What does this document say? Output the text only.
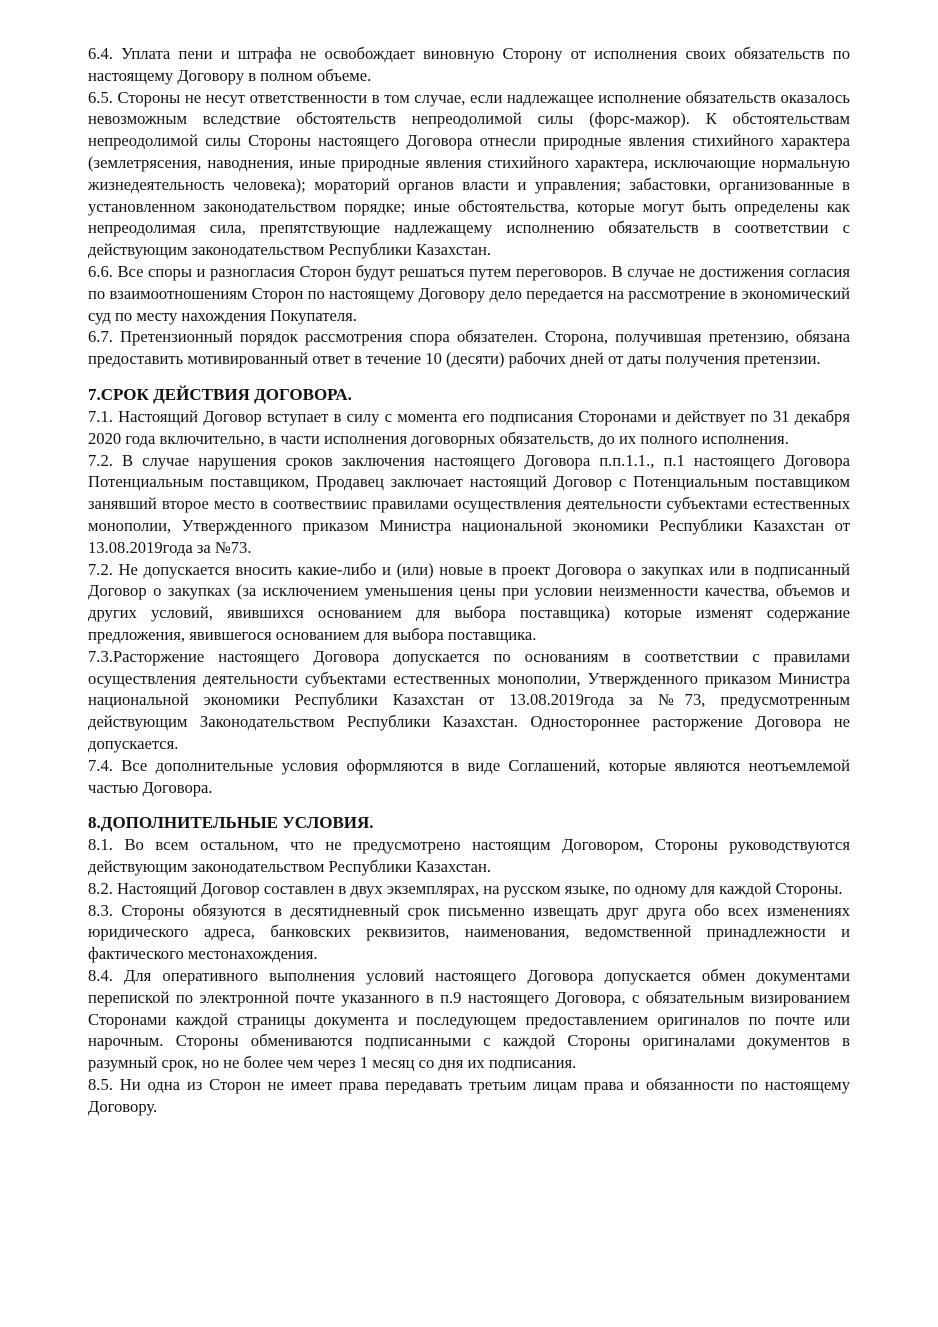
6.4. Уплата пени и штрафа не освобождает виновную Сторону от исполнения своих обязательств по настоящему Договору в полном объеме.

6.5. Стороны не несут ответственности в том случае, если надлежащее исполнение обязательств оказалось невозможным вследствие обстоятельств непреодолимой силы (форс-мажор). К обстоятельствам непреодолимой силы Стороны настоящего Договора отнесли природные явления стихийного характера (землетрясения, наводнения, иные природные явления стихийного характера, исключающие нормальную жизнедеятельность человека); мораторий органов власти и управления; забастовки, организованные в установленном законодательством порядке; иные обстоятельства, которые могут быть определены как непреодолимая сила, препятствующие надлежащему исполнению обязательств в соответствии с действующим законодательством Республики Казахстан.

6.6. Все споры и разногласия Сторон будут решаться путем переговоров. В случае не достижения согласия по взаимоотношениям Сторон по настоящему Договору дело передается на рассмотрение в экономический суд по месту нахождения Покупателя.

6.7. Претензионный порядок рассмотрения спора обязателен. Сторона, получившая претензию, обязана предоставить мотивированный ответ в течение 10 (десяти) рабочих дней от даты получения претензии.

7.СРОК ДЕЙСТВИЯ ДОГОВОРА.

7.1. Настоящий Договор вступает в силу с момента его подписания Сторонами и действует по 31 декабря 2020 года включительно, в части исполнения договорных обязательств, до их полного исполнения.

7.2. В случае нарушения сроков заключения настоящего Договора п.п.1.1., п.1 настоящего Договора Потенциальным поставщиком, Продавец заключает настоящий Договор с Потенциальным поставщиком занявший второе место в соотвествиис правилами осуществления деятельности субъектами естественных монополии, Утвержденного приказом Министра национальной экономики Республики Казахстан от 13.08.2019года за №73.

7.2. Не допускается вносить какие-либо и (или) новые в проект Договора о закупках или в подписанный Договор о закупках (за исключением уменьшения цены при условии неизменности качества, объемов и других условий, явившихся основанием для выбора поставщика) которые изменят содержание предложения, явившегося основанием для выбора поставщика.

7.3.Расторжение настоящего Договора допускается по основаниям в соответствии с правилами осуществления деятельности субъектами естественных монополии, Утвержденного приказом Министра национальной экономики Республики Казахстан от 13.08.2019года за №73, предусмотренным действующим Законодательством Республики Казахстан. Одностороннее расторжение Договора не допускается.

7.4. Все дополнительные условия оформляются в виде Соглашений, которые являются неотъемлемой частью Договора.

8.ДОПОЛНИТЕЛЬНЫЕ УСЛОВИЯ.

8.1. Во всем остальном, что не предусмотрено настоящим Договором, Стороны руководствуются действующим законодательством Республики Казахстан.

8.2. Настоящий Договор составлен в двух экземплярах, на русском языке, по одному для каждой Стороны.

8.3. Стороны обязуются в десятидневный срок письменно извещать друг друга обо всех изменениях юридического адреса, банковских реквизитов, наименования, ведомственной принадлежности и фактического местонахождения.

8.4. Для оперативного выполнения условий настоящего Договора допускается обмен документами перепиской по электронной почте указанного в п.9 настоящего Договора, с обязательным визированием Сторонами каждой страницы документа и последующем предоставлением оригиналов по почте или нарочным. Стороны обмениваются подписанными с каждой Стороны оригиналами документов в разумный срок, но не более чем через 1 месяц со дня их подписания.

8.5. Ни одна из Сторон не имеет права передавать третьим лицам права и обязанности по настоящему Договору.
